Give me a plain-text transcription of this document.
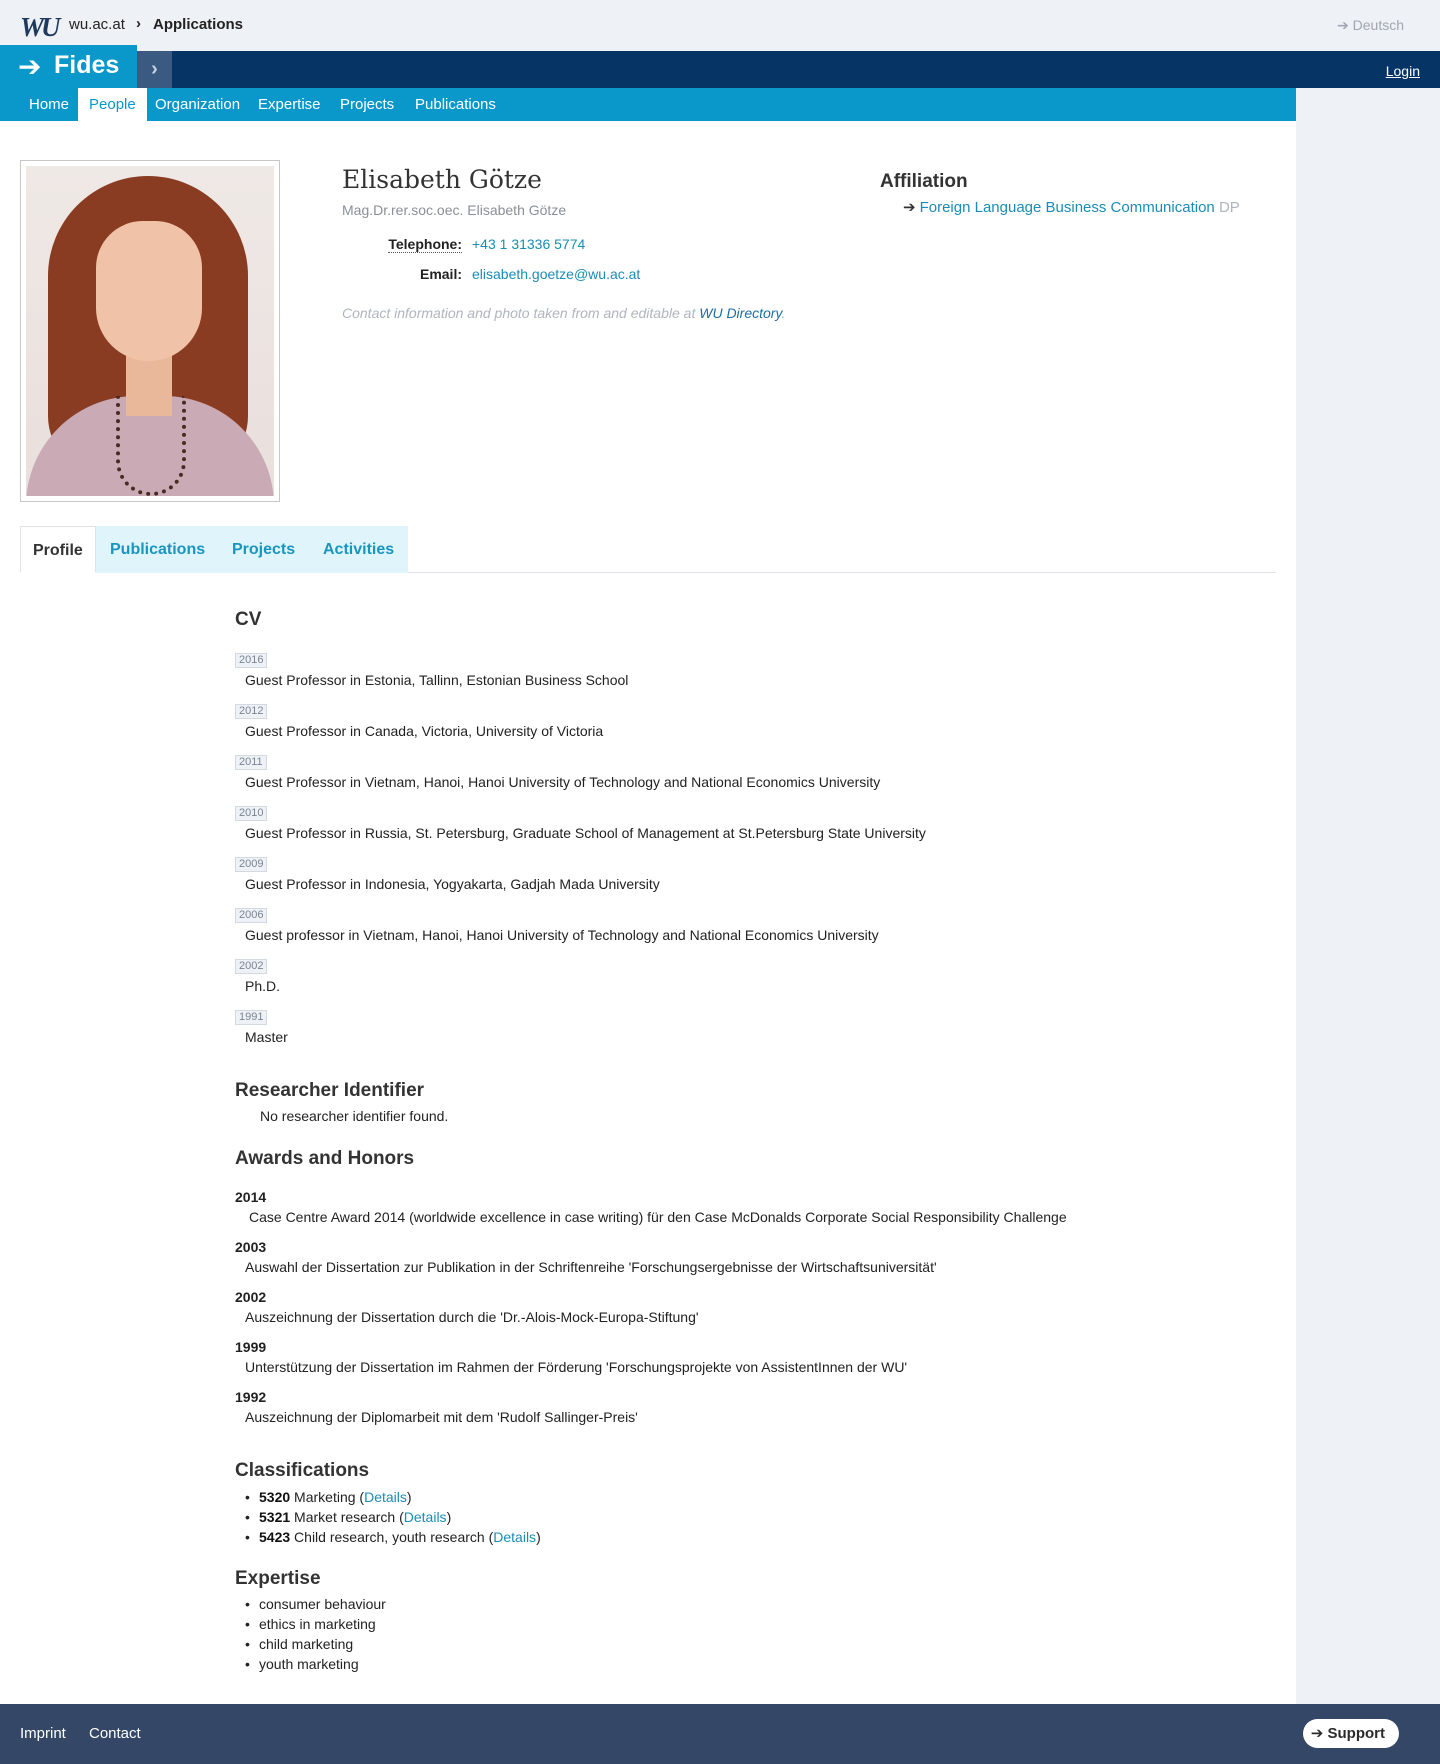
WU wu.ac.at › Applications	➔ Deutsch
➔ Fides	›	Login
Home	People	Organization	Expertise	Projects	Publications
Elisabeth Götze
Mag.Dr.rer.soc.oec. Elisabeth Götze
Telephone: +43 1 31336 5774
Email: elisabeth.goetze@wu.ac.at
Contact information and photo taken from and editable at WU Directory.
Affiliation
➔ Foreign Language Business Communication DP
Profile	Publications	Projects	Activities
CV
2016
Guest Professor in Estonia, Tallinn, Estonian Business School
2012
Guest Professor in Canada, Victoria, University of Victoria
2011
Guest Professor in Vietnam, Hanoi, Hanoi University of Technology and National Economics University
2010
Guest Professor in Russia, St. Petersburg, Graduate School of Management at St.Petersburg State University
2009
Guest Professor in Indonesia, Yogyakarta, Gadjah Mada University
2006
Guest professor in Vietnam, Hanoi, Hanoi University of Technology and National Economics University
2002
Ph.D.
1991
Master
Researcher Identifier
No researcher identifier found.
Awards and Honors
2014
Case Centre Award 2014 (worldwide excellence in case writing) für den Case McDonalds Corporate Social Responsibility Challenge
2003
Auswahl der Dissertation zur Publikation in der Schriftenreihe 'Forschungsergebnisse der Wirtschaftsuniversität'
2002
Auszeichnung der Dissertation durch die 'Dr.-Alois-Mock-Europa-Stiftung'
1999
Unterstützung der Dissertation im Rahmen der Förderung 'Forschungsprojekte von AssistentInnen der WU'
1992
Auszeichnung der Diplomarbeit mit dem 'Rudolf Sallinger-Preis'
Classifications
• 5320 Marketing (Details)
• 5321 Market research (Details)
• 5423 Child research, youth research (Details)
Expertise
• consumer behaviour
• ethics in marketing
• child marketing
• youth marketing
Imprint Contact	➔ Support
